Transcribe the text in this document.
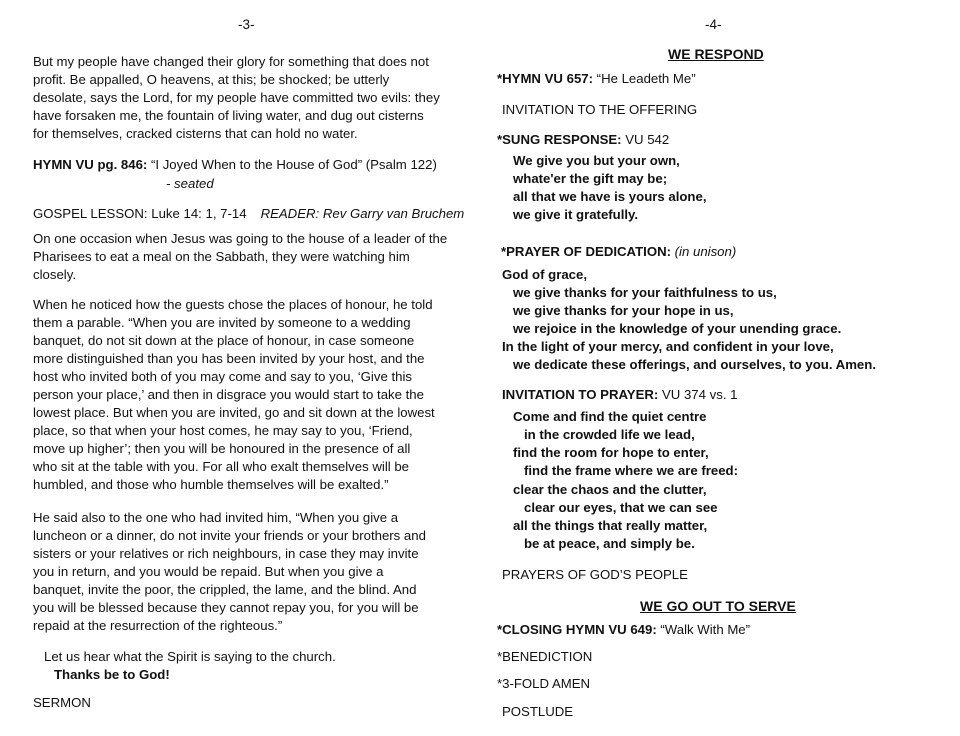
-3-
But my people have changed their glory for something that does not
profit. Be appalled, O heavens, at this; be shocked; be utterly
desolate, says the Lord, for my people have committed two evils: they
have forsaken me, the fountain of living water, and dug out cisterns
for themselves, cracked cisterns that can hold no water.
HYMN VU pg. 846: “I Joyed When to the House of God” (Psalm 122)
- seated
GOSPEL LESSON: Luke 14: 1, 7-14 READER: Rev Garry van Bruchem
On one occasion when Jesus was going to the house of a leader of the
Pharisees to eat a meal on the Sabbath, they were watching him
closely.
When he noticed how the guests chose the places of honour, he told
them a parable. “When you are invited by someone to a wedding
banquet, do not sit down at the place of honour, in case someone
more distinguished than you has been invited by your host, and the
host who invited both of you may come and say to you, ‘Give this
person your place,’ and then in disgrace you would start to take the
lowest place. But when you are invited, go and sit down at the lowest
place, so that when your host comes, he may say to you, ‘Friend,
move up higher’; then you will be honoured in the presence of all
who sit at the table with you. For all who exalt themselves will be
humbled, and those who humble themselves will be exalted.”
He said also to the one who had invited him, “When you give a
luncheon or a dinner, do not invite your friends or your brothers and
sisters or your relatives or rich neighbours, in case they may invite
you in return, and you would be repaid. But when you give a
banquet, invite the poor, the crippled, the lame, and the blind. And
you will be blessed because they cannot repay you, for you will be
repaid at the resurrection of the righteous.”
Let us hear what the Spirit is saying to the church.
Thanks be to God!
SERMON
-4-
WE RESPOND
*HYMN VU 657: “He Leadeth Me”
INVITATION TO THE OFFERING
*SUNG RESPONSE: VU 542
We give you but your own,
whate'er the gift may be;
all that we have is yours alone,
we give it gratefully.
*PRAYER OF DEDICATION: (in unison)
God of grace,
we give thanks for your faithfulness to us,
we give thanks for your hope in us,
we rejoice in the knowledge of your unending grace.
In the light of your mercy, and confident in your love,
we dedicate these offerings, and ourselves, to you. Amen.
INVITATION TO PRAYER: VU 374 vs. 1
Come and find the quiet centre
in the crowded life we lead,
find the room for hope to enter,
find the frame where we are freed:
clear the chaos and the clutter,
clear our eyes, that we can see
all the things that really matter,
be at peace, and simply be.
PRAYERS OF GOD’S PEOPLE
WE GO OUT TO SERVE
*CLOSING HYMN VU 649: “Walk With Me”
*BENEDICTION
*3-FOLD AMEN
POSTLUDE
